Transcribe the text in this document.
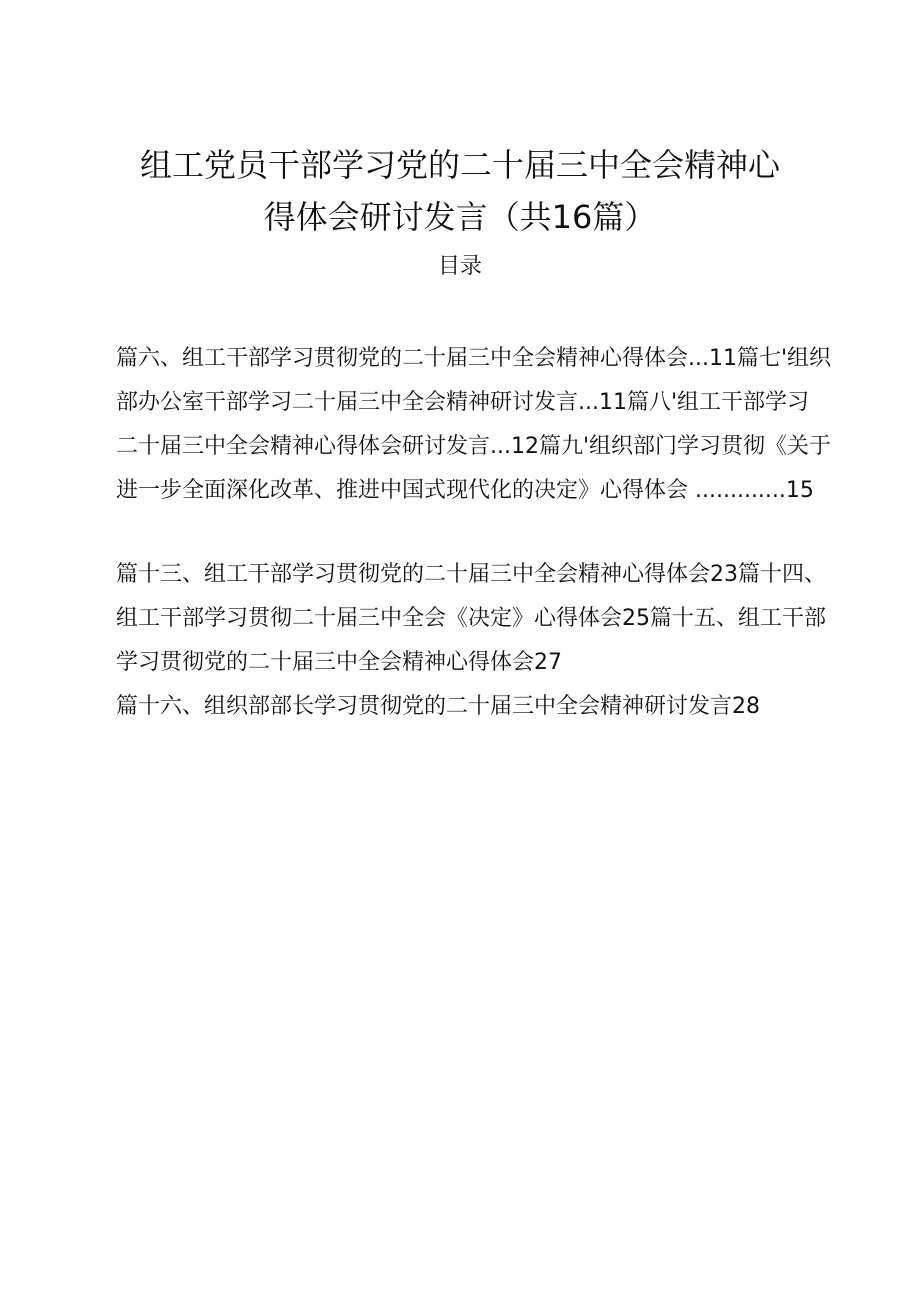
组工党员干部学习党的二十届三中全会精神心
得体会研讨发言（共16篇）
目录
篇六、组工干部学习贯彻党的二十届三中全会精神心得体会...11篇七'组织
部办公室干部学习二十届三中全会精神研讨发言...11篇八'组工干部学习
二十届三中全会精神心得体会研讨发言...12篇九'组织部门学习贯彻《关于
进一步全面深化改革、推进中国式现代化的决定》心得体会 .............15
篇十三、组工干部学习贯彻党的二十届三中全会精神心得体会23篇十四、
组工干部学习贯彻二十届三中全会《决定》心得体会25篇十五、组工干部
学习贯彻党的二十届三中全会精神心得体会27
篇十六、组织部部长学习贯彻党的二十届三中全会精神研讨发言28
